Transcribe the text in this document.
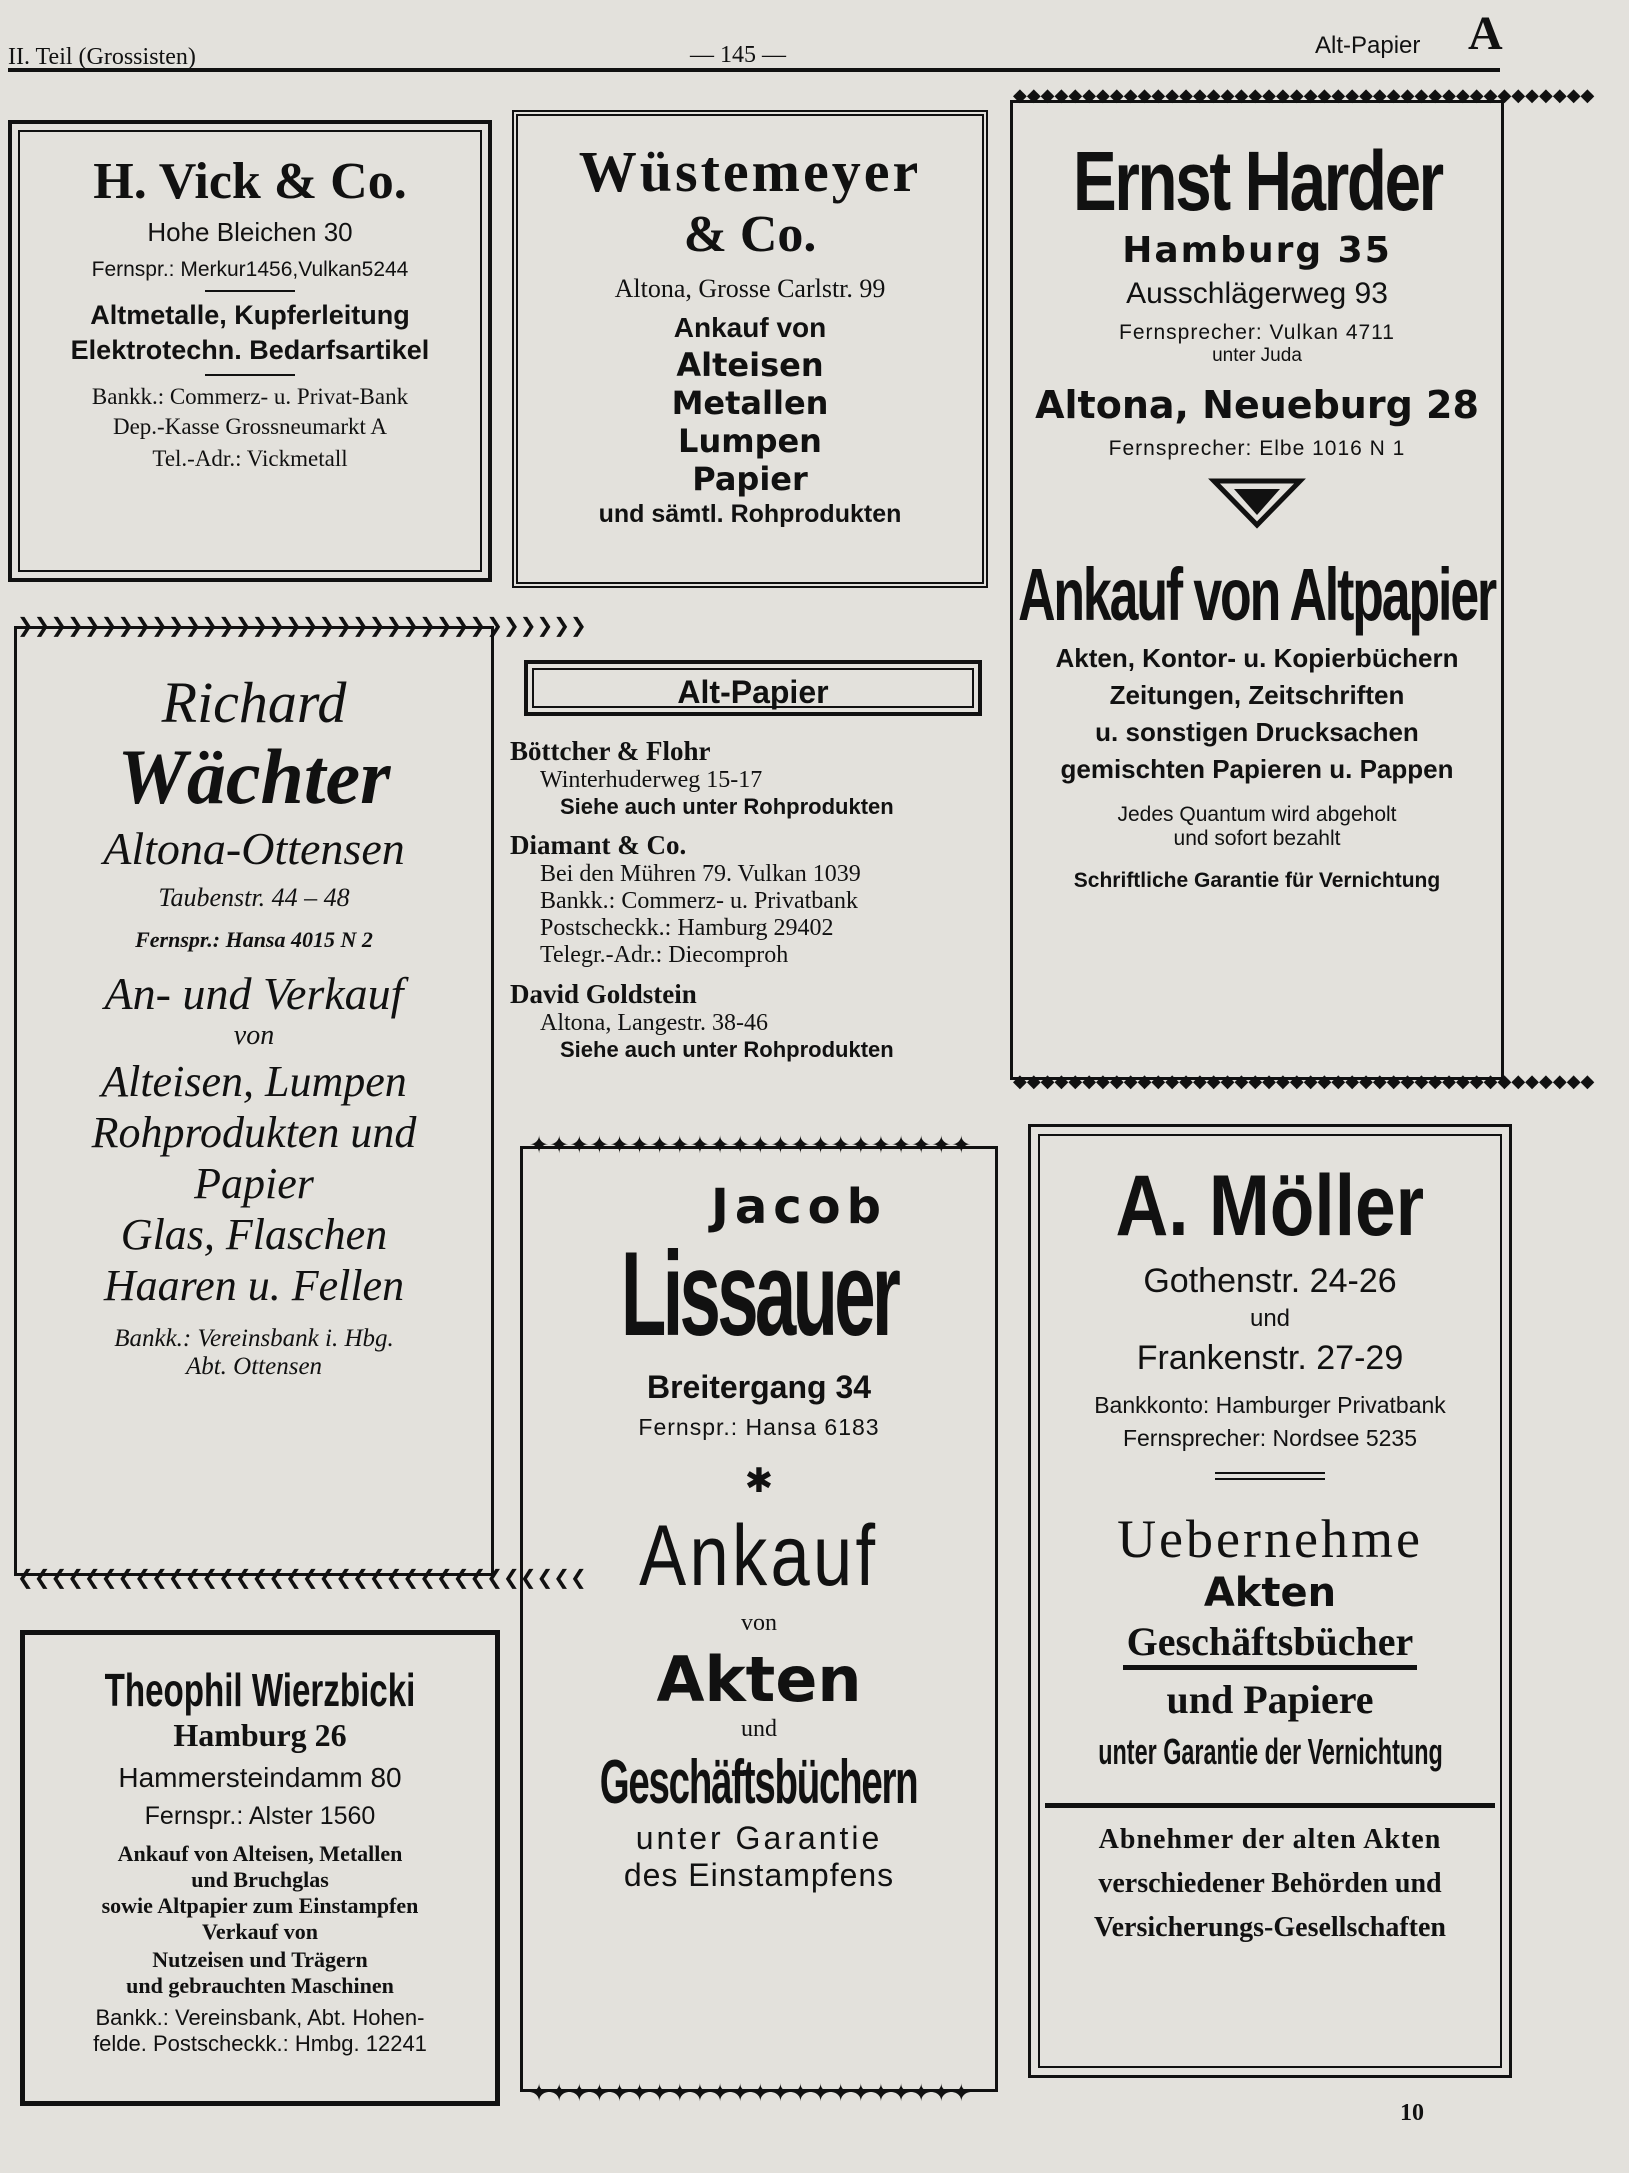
II. Teil (Grossisten)	— 145 —	Alt-Papier A
H. Vick & Co.
Hohe Bleichen 30
Fernspr.: Merkur1456,Vulkan5244
Altmetalle, Kupferleitung
Elektrotechn. Bedarfsartikel
Bankk.: Commerz- u. Privat-Bank
Dep.-Kasse Grossneumarkt A
Tel.-Adr.: Vickmetall
Wüstemeyer
& Co.
Altona, Grosse Carlstr. 99
Ankauf von
Alteisen
Metallen
Lumpen
Papier
und sämtl. Rohprodukten
◆◆◆◆◆◆◆◆◆◆◆◆◆◆◆◆◆◆◆◆◆◆◆◆◆◆◆◆◆◆◆◆◆◆◆◆◆◆◆◆◆◆
Ernst Harder
Hamburg 35
Ausschlägerweg 93
Fernsprecher: Vulkan 4711
unter Juda
Altona, Neueburg 28
Fernsprecher: Elbe 1016 N 1
Ankauf von Altpapier
Akten, Kontor- u. Kopierbüchern
Zeitungen, Zeitschriften
u. sonstigen Drucksachen
gemischten Papieren u. Pappen
Jedes Quantum wird abgeholt
und sofort bezahlt
Schriftliche Garantie für Vernichtung
◆◆◆◆◆◆◆◆◆◆◆◆◆◆◆◆◆◆◆◆◆◆◆◆◆◆◆◆◆◆◆◆◆◆◆◆◆◆◆◆◆◆
❯❯❯❯❯❯❯❯❯❯❯❯❯❯❯❯❯❯❯❯❯❯❯❯❯❯❯❯❯❯❯❯❯❯
Richard
Wächter
Altona-Ottensen
Taubenstr. 44 – 48
Fernspr.: Hansa 4015 N 2
An- und Verkauf
von
Alteisen, Lumpen
Rohprodukten und
Papier
Glas, Flaschen
Haaren u. Fellen
Bankk.: Vereinsbank i. Hbg.
Abt. Ottensen
❮❮❮❮❮❮❮❮❮❮❮❮❮❮❮❮❮❮❮❮❮❮❮❮❮❮❮❮❮❮❮❮❮❮
Alt-Papier
Böttcher & Flohr
Winterhuderweg 15-17
Siehe auch unter Rohprodukten
Diamant & Co.
Bei den Mühren 79. Vulkan 1039
Bankk.: Commerz- u. Privatbank
Postscheckk.: Hamburg 29402
Telegr.-Adr.: Diecomproh
David Goldstein
Altona, Langestr. 38-46
Siehe auch unter Rohprodukten
✦✦✦✦✦✦✦✦✦✦✦✦✦✦✦✦✦✦✦✦✦✦
Jacob
Lissauer
Breitergang 34
Fernspr.: Hansa 6183
✱
Ankauf
von
Akten
und
Geschäftsbüchern
unter Garantie
des Einstampfens
✦✦✦✦✦✦✦✦✦✦✦✦✦✦✦✦✦✦✦✦✦✦
A. Möller
Gothenstr. 24-26
und
Frankenstr. 27-29
Bankkonto: Hamburger Privatbank
Fernsprecher: Nordsee 5235
Uebernehme
Akten
Geschäftsbücher
und Papiere
unter Garantie der Vernichtung
Abnehmer der alten Akten
verschiedener Behörden und
Versicherungs-Gesellschaften
Theophil Wierzbicki
Hamburg 26
Hammersteindamm 80
Fernspr.: Alster 1560
Ankauf von Alteisen, Metallen
und Bruchglas
sowie Altpapier zum Einstampfen
Verkauf von
Nutzeisen und Trägern
und gebrauchten Maschinen
Bankk.: Vereinsbank, Abt. Hohen-
felde. Postscheckk.: Hmbg. 12241
10
